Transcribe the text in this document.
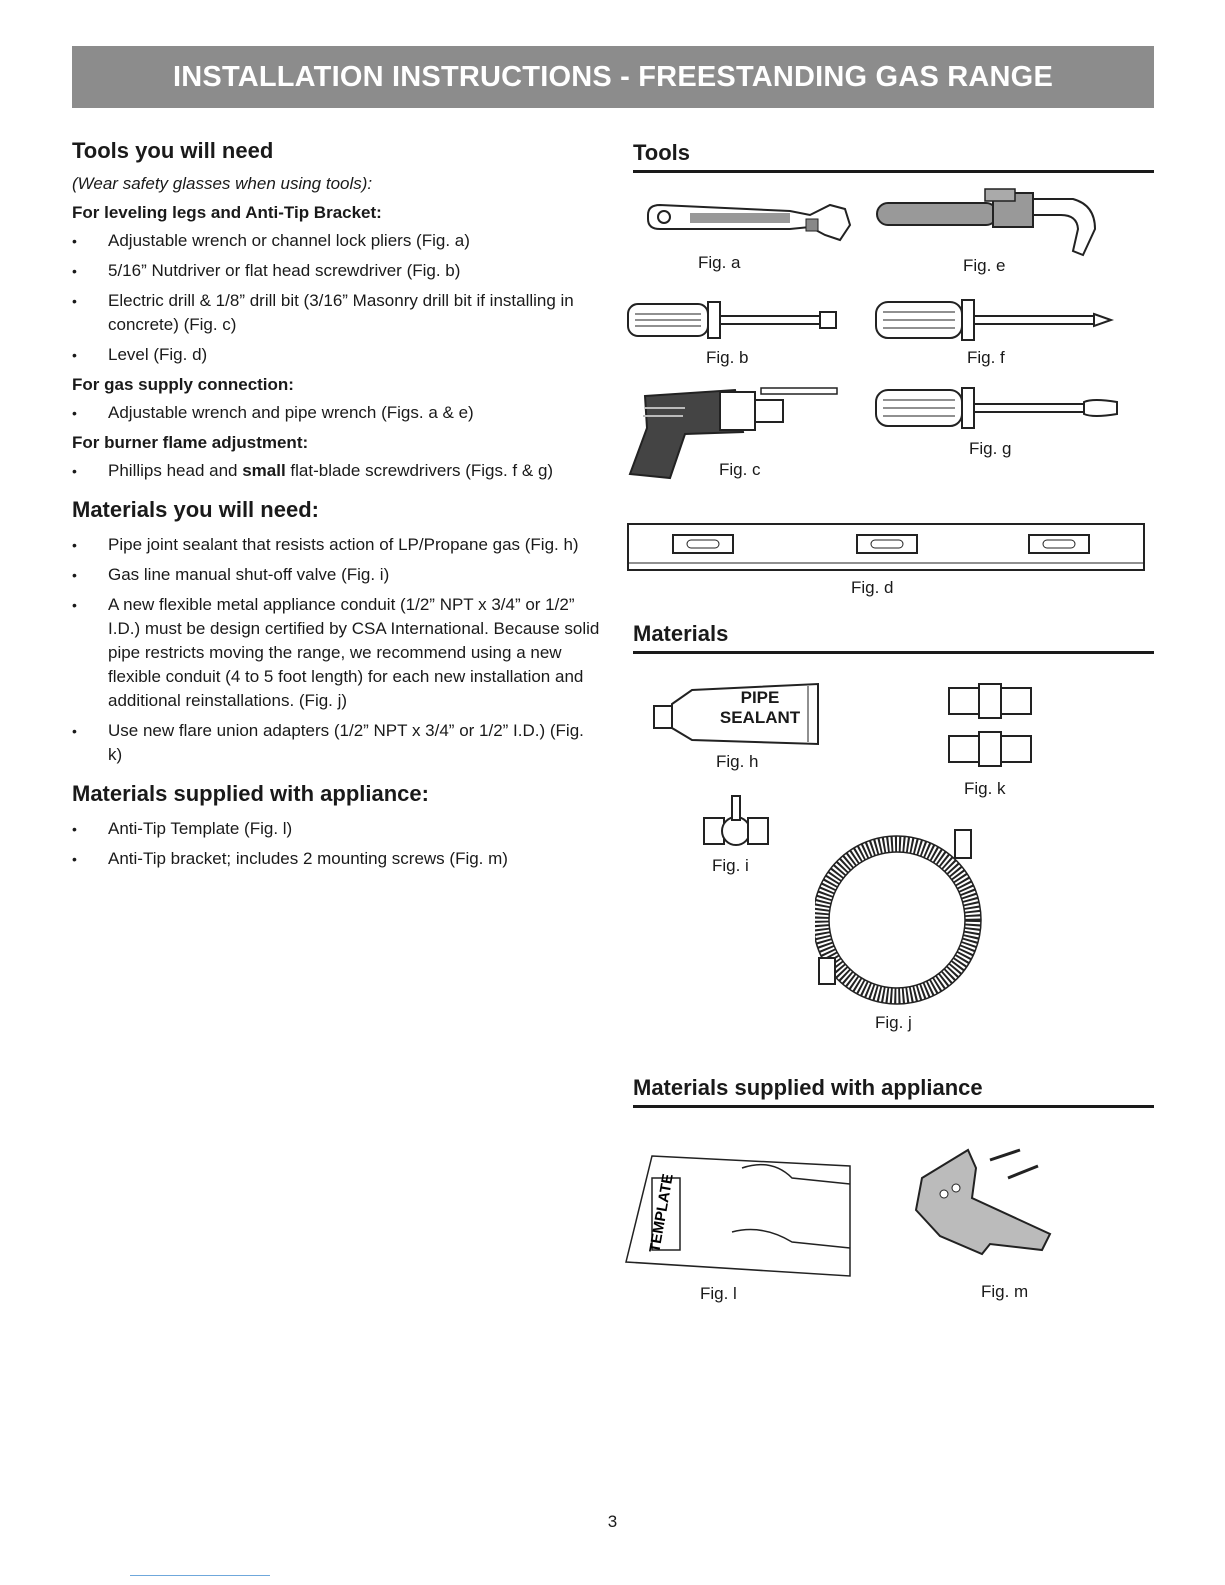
INSTALLATION INSTRUCTIONS - FREESTANDING GAS RANGE
Tools you will need
(Wear safety glasses when using tools):
For leveling legs and Anti-Tip Bracket:
• Adjustable wrench or channel lock pliers (Fig. a)
• 5/16” Nutdriver or flat head screwdriver (Fig. b)
• Electric drill & 1/8” drill bit (3/16” Masonry drill bit if installing in concrete) (Fig. c)
• Level (Fig. d)
For gas supply connection:
• Adjustable wrench and pipe wrench (Figs. a & e)
For burner flame adjustment:
• Phillips head and small flat-blade screwdrivers (Figs. f & g)
Materials you will need:
• Pipe joint sealant that resists action of LP/Propane gas (Fig. h)
• Gas line manual shut-off valve (Fig. i)
• A new flexible metal appliance conduit (1/2” NPT x 3/4” or 1/2” I.D.) must be design certified by CSA International. Because solid pipe restricts moving the range, we recommend using a new flexible conduit (4 to 5 foot length) for each new installation and additional reinstallations. (Fig. j)
• Use new flare union adapters (1/2” NPT x 3/4” or 1/2” I.D.) (Fig. k)
Materials supplied with appliance:
• Anti-Tip Template (Fig. l)
• Anti-Tip bracket; includes 2 mounting screws (Fig. m)
Tools
Materials
Materials supplied with appliance
Fig. a	Fig. e
Fig. b	Fig. f
Fig. c
Fig. g
Fig. d
PIPE
SEALANT
Fig. h
Fig. k
Fig. i
Fig. j
TEMPLATE
Fig. l	Fig. m
3
